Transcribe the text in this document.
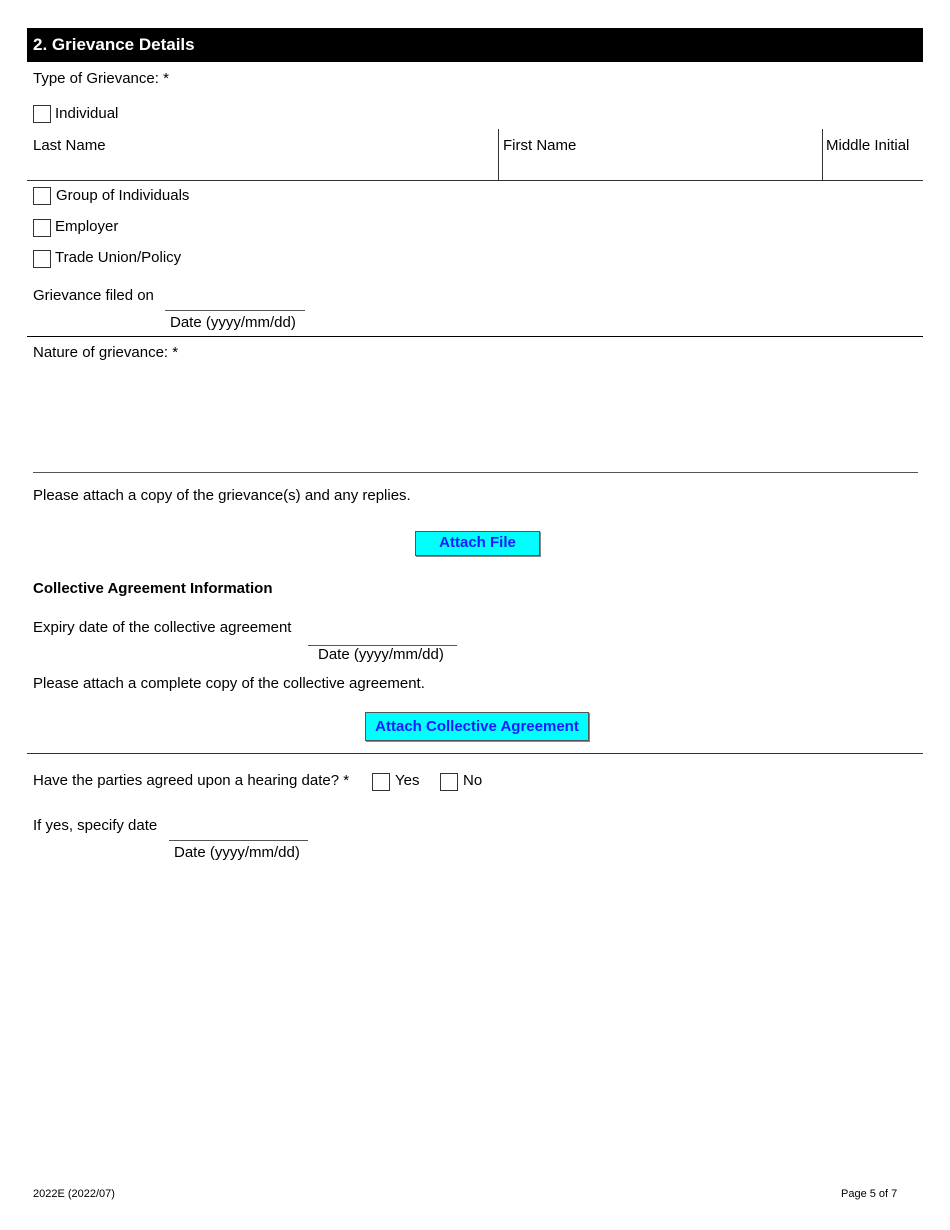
2. Grievance Details
Type of Grievance: *
Individual
Last Name	First Name	Middle Initial
Group of Individuals
Employer
Trade Union/Policy
Grievance filed on
Date (yyyy/mm/dd)
Nature of grievance: *
Please attach a copy of the grievance(s) and any replies.
Attach File
Collective Agreement Information
Expiry date of the collective agreement
Date (yyyy/mm/dd)
Please attach a complete copy of the collective agreement.
Attach Collective Agreement
Have the parties agreed upon a hearing date? *	Yes	No
If yes, specify date
Date (yyyy/mm/dd)
2022E (2022/07)	Page 5 of 7
